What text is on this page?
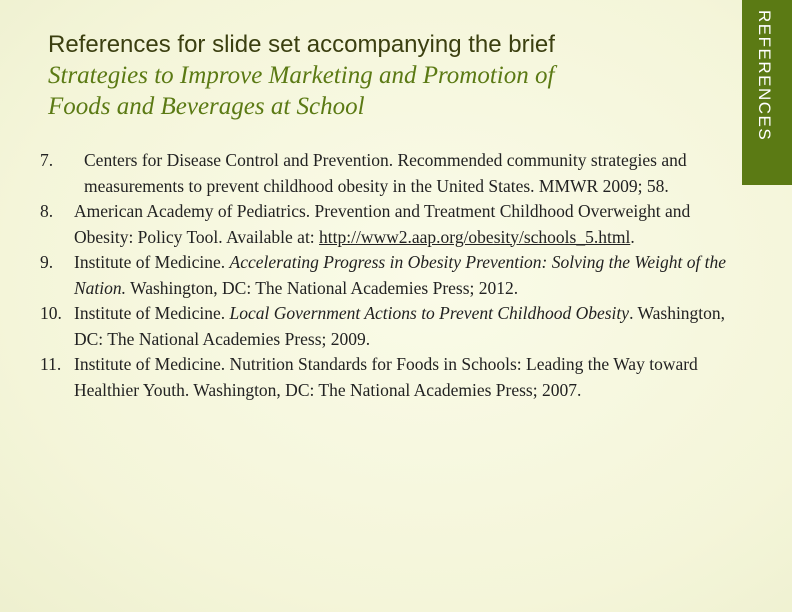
References for slide set accompanying the brief
Strategies to Improve Marketing and Promotion of
Foods and Beverages at School
7. Centers for Disease Control and Prevention. Recommended community strategies and measurements to prevent childhood obesity in the United States. MMWR 2009; 58.
8. American Academy of Pediatrics. Prevention and Treatment Childhood Overweight and Obesity: Policy Tool. Available at: http://www2.aap.org/obesity/schools_5.html.
9. Institute of Medicine. Accelerating Progress in Obesity Prevention: Solving the Weight of the Nation. Washington, DC: The National Academies Press; 2012.
10. Institute of Medicine. Local Government Actions to Prevent Childhood Obesity. Washington, DC: The National Academies Press; 2009.
11. Institute of Medicine. Nutrition Standards for Foods in Schools: Leading the Way toward Healthier Youth. Washington, DC: The National Academies Press; 2007.
REFERENCES
